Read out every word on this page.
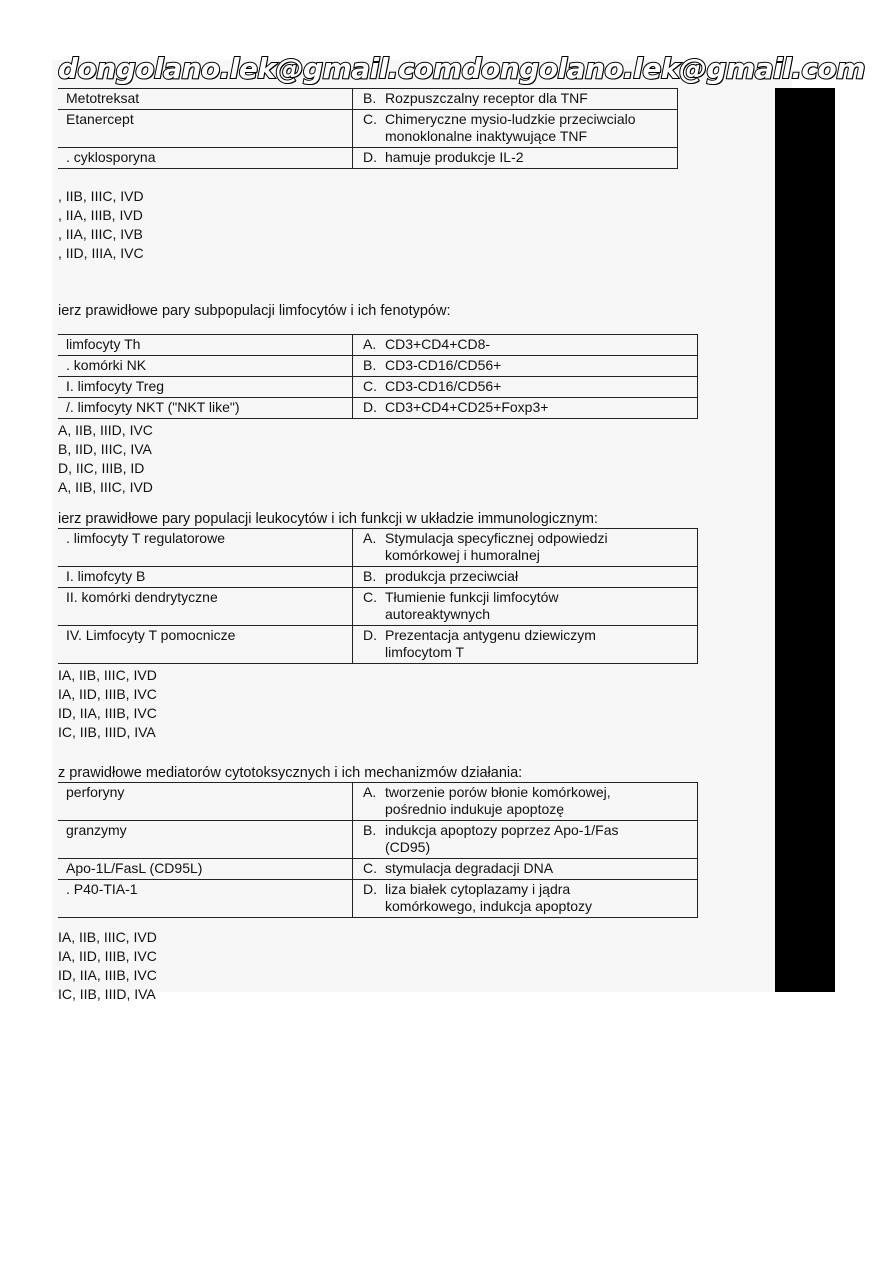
dongolano.lek@gmail.com dongolano.lek@gmail.com
Metotreksat	B. Rozpuszczalny receptor dla TNF
Etanercept	C. Chimeryczne mysio-ludzkie przeciwcialo monoklonalne inaktywujące TNF
. cyklosporyna	D. hamuje produkcje IL-2
, IIB, IIIC, IVD
, IIA, IIIB, IVD
, IIA, IIIC, IVB
, IID, IIIA, IVC
ierz prawidłowe pary subpopulacji limfocytów i ich fenotypów:
limfocyty Th	A. CD3+CD4+CD8-
. komórki NK	B. CD3-CD16/CD56+
I. limfocyty Treg	C. CD3-CD16/CD56+
/. limfocyty NKT ("NKT like")	D. CD3+CD4+CD25+Foxp3+
A, IIB, IIID, IVC
B, IID, IIIC, IVA
D, IIC, IIIB, ID
A, IIB, IIIC, IVD
ierz prawidłowe pary populacji leukocytów i ich funkcji w układzie immunologicznym:
. limfocyty T regulatorowe	A. Stymulacja specyficznej odpowiedzi komórkowej i humoralnej
I. limofcyty B	B. produkcja przeciwciał
II. komórki dendrytyczne	C. Tłumienie funkcji limfocytów autoreaktywnych
IV. Limfocyty T pomocnicze	D. Prezentacja antygenu dziewiczym limfocytom T
IA, IIB, IIIC, IVD
IA, IID, IIIB, IVC
ID, IIA, IIIB, IVC
IC, IIB, IIID, IVA
z prawidłowe mediatorów cytotoksycznych i ich mechanizmów działania:
perforyny	A. tworzenie porów błonie komórkowej, pośrednio indukuje apoptozę
granzymy	B. indukcja apoptozy poprzez Apo-1/Fas (CD95)
Apo-1L/FasL (CD95L)	C. stymulacja degradacji DNA
. P40-TIA-1	D. liza białek cytoplazamy i jądra komórkowego, indukcja apoptozy
IA, IIB, IIIC, IVD
IA, IID, IIIB, IVC
ID, IIA, IIIB, IVC
IC, IIB, IIID, IVA
